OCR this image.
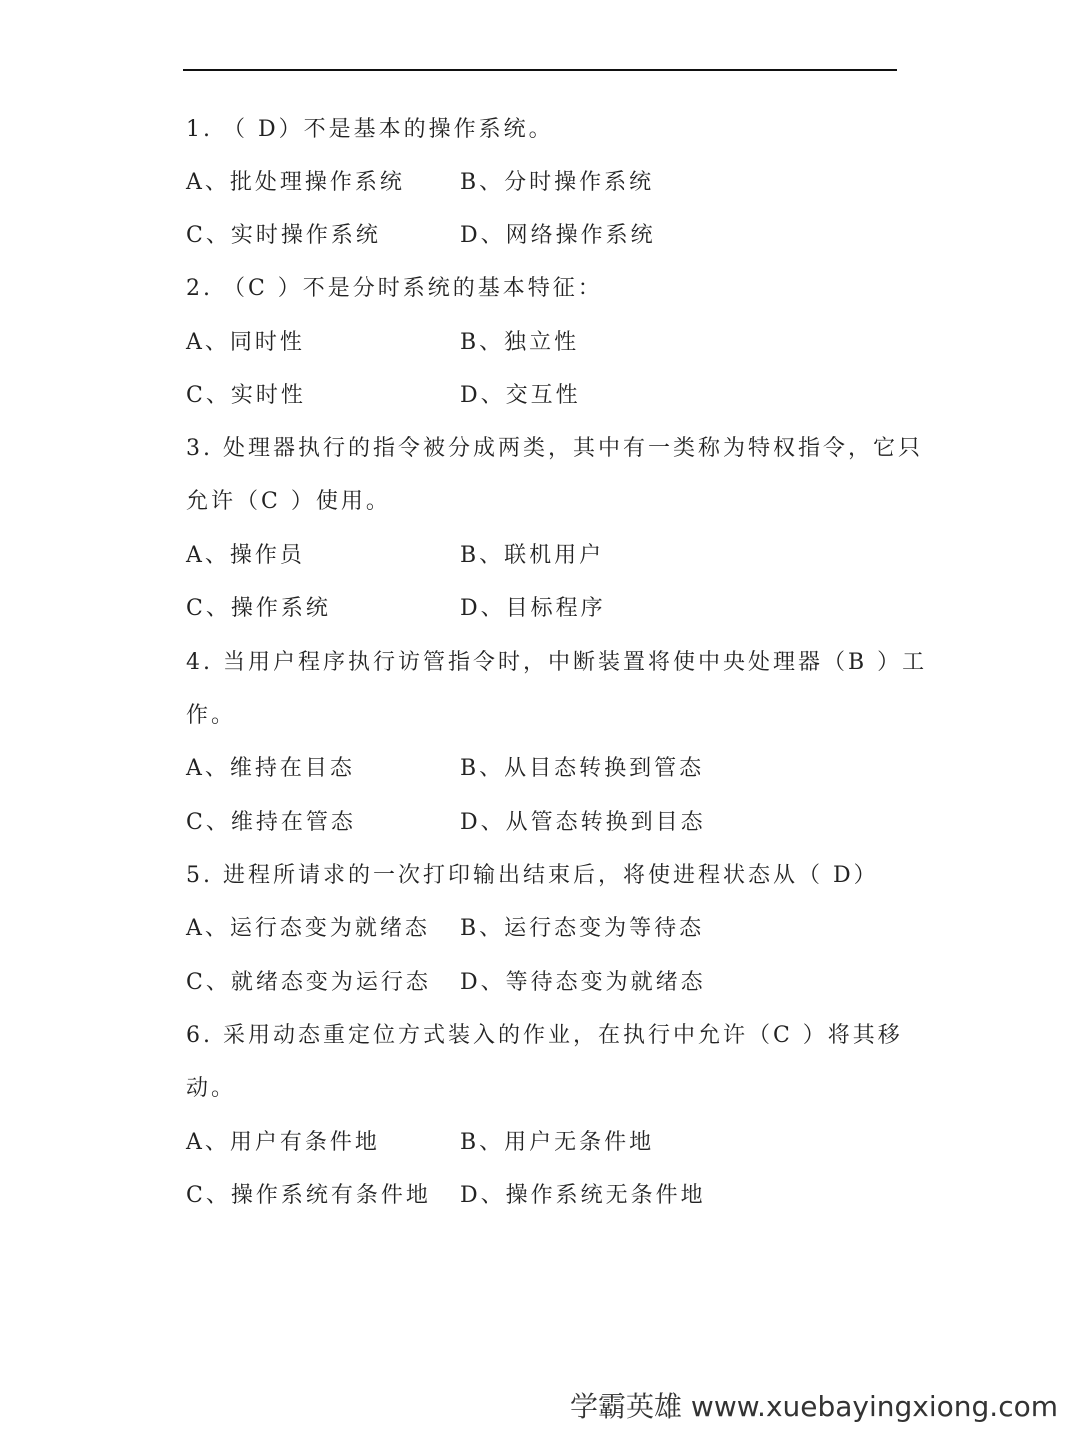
1. （ D）不是基本的操作系统。
A、批处理操作系统	B、分时操作系统
C、实时操作系统	D、网络操作系统
2. （C ）不是分时系统的基本特征：
A、同时性	B、独立性
C、实时性	D、交互性
3. 处理器执行的指令被分成两类，其中有一类称为特权指令，它只
允许（C ）使用。
A、操作员	B、联机用户
C、操作系统	D、目标程序
4. 当用户程序执行访管指令时，中断装置将使中央处理器（B ）工
作。
A、维持在目态	B、从目态转换到管态
C、维持在管态	D、从管态转换到目态
5. 进程所请求的一次打印输出结束后，将使进程状态从（ D）
A、运行态变为就绪态 B、运行态变为等待态
C、就绪态变为运行态 D、等待态变为就绪态
6. 采用动态重定位方式装入的作业，在执行中允许（C ）将其移
动。
A、用户有条件地	B、用户无条件地
C、操作系统有条件地 D、操作系统无条件地
学霸英雄 www.xuebayingxiong.com
